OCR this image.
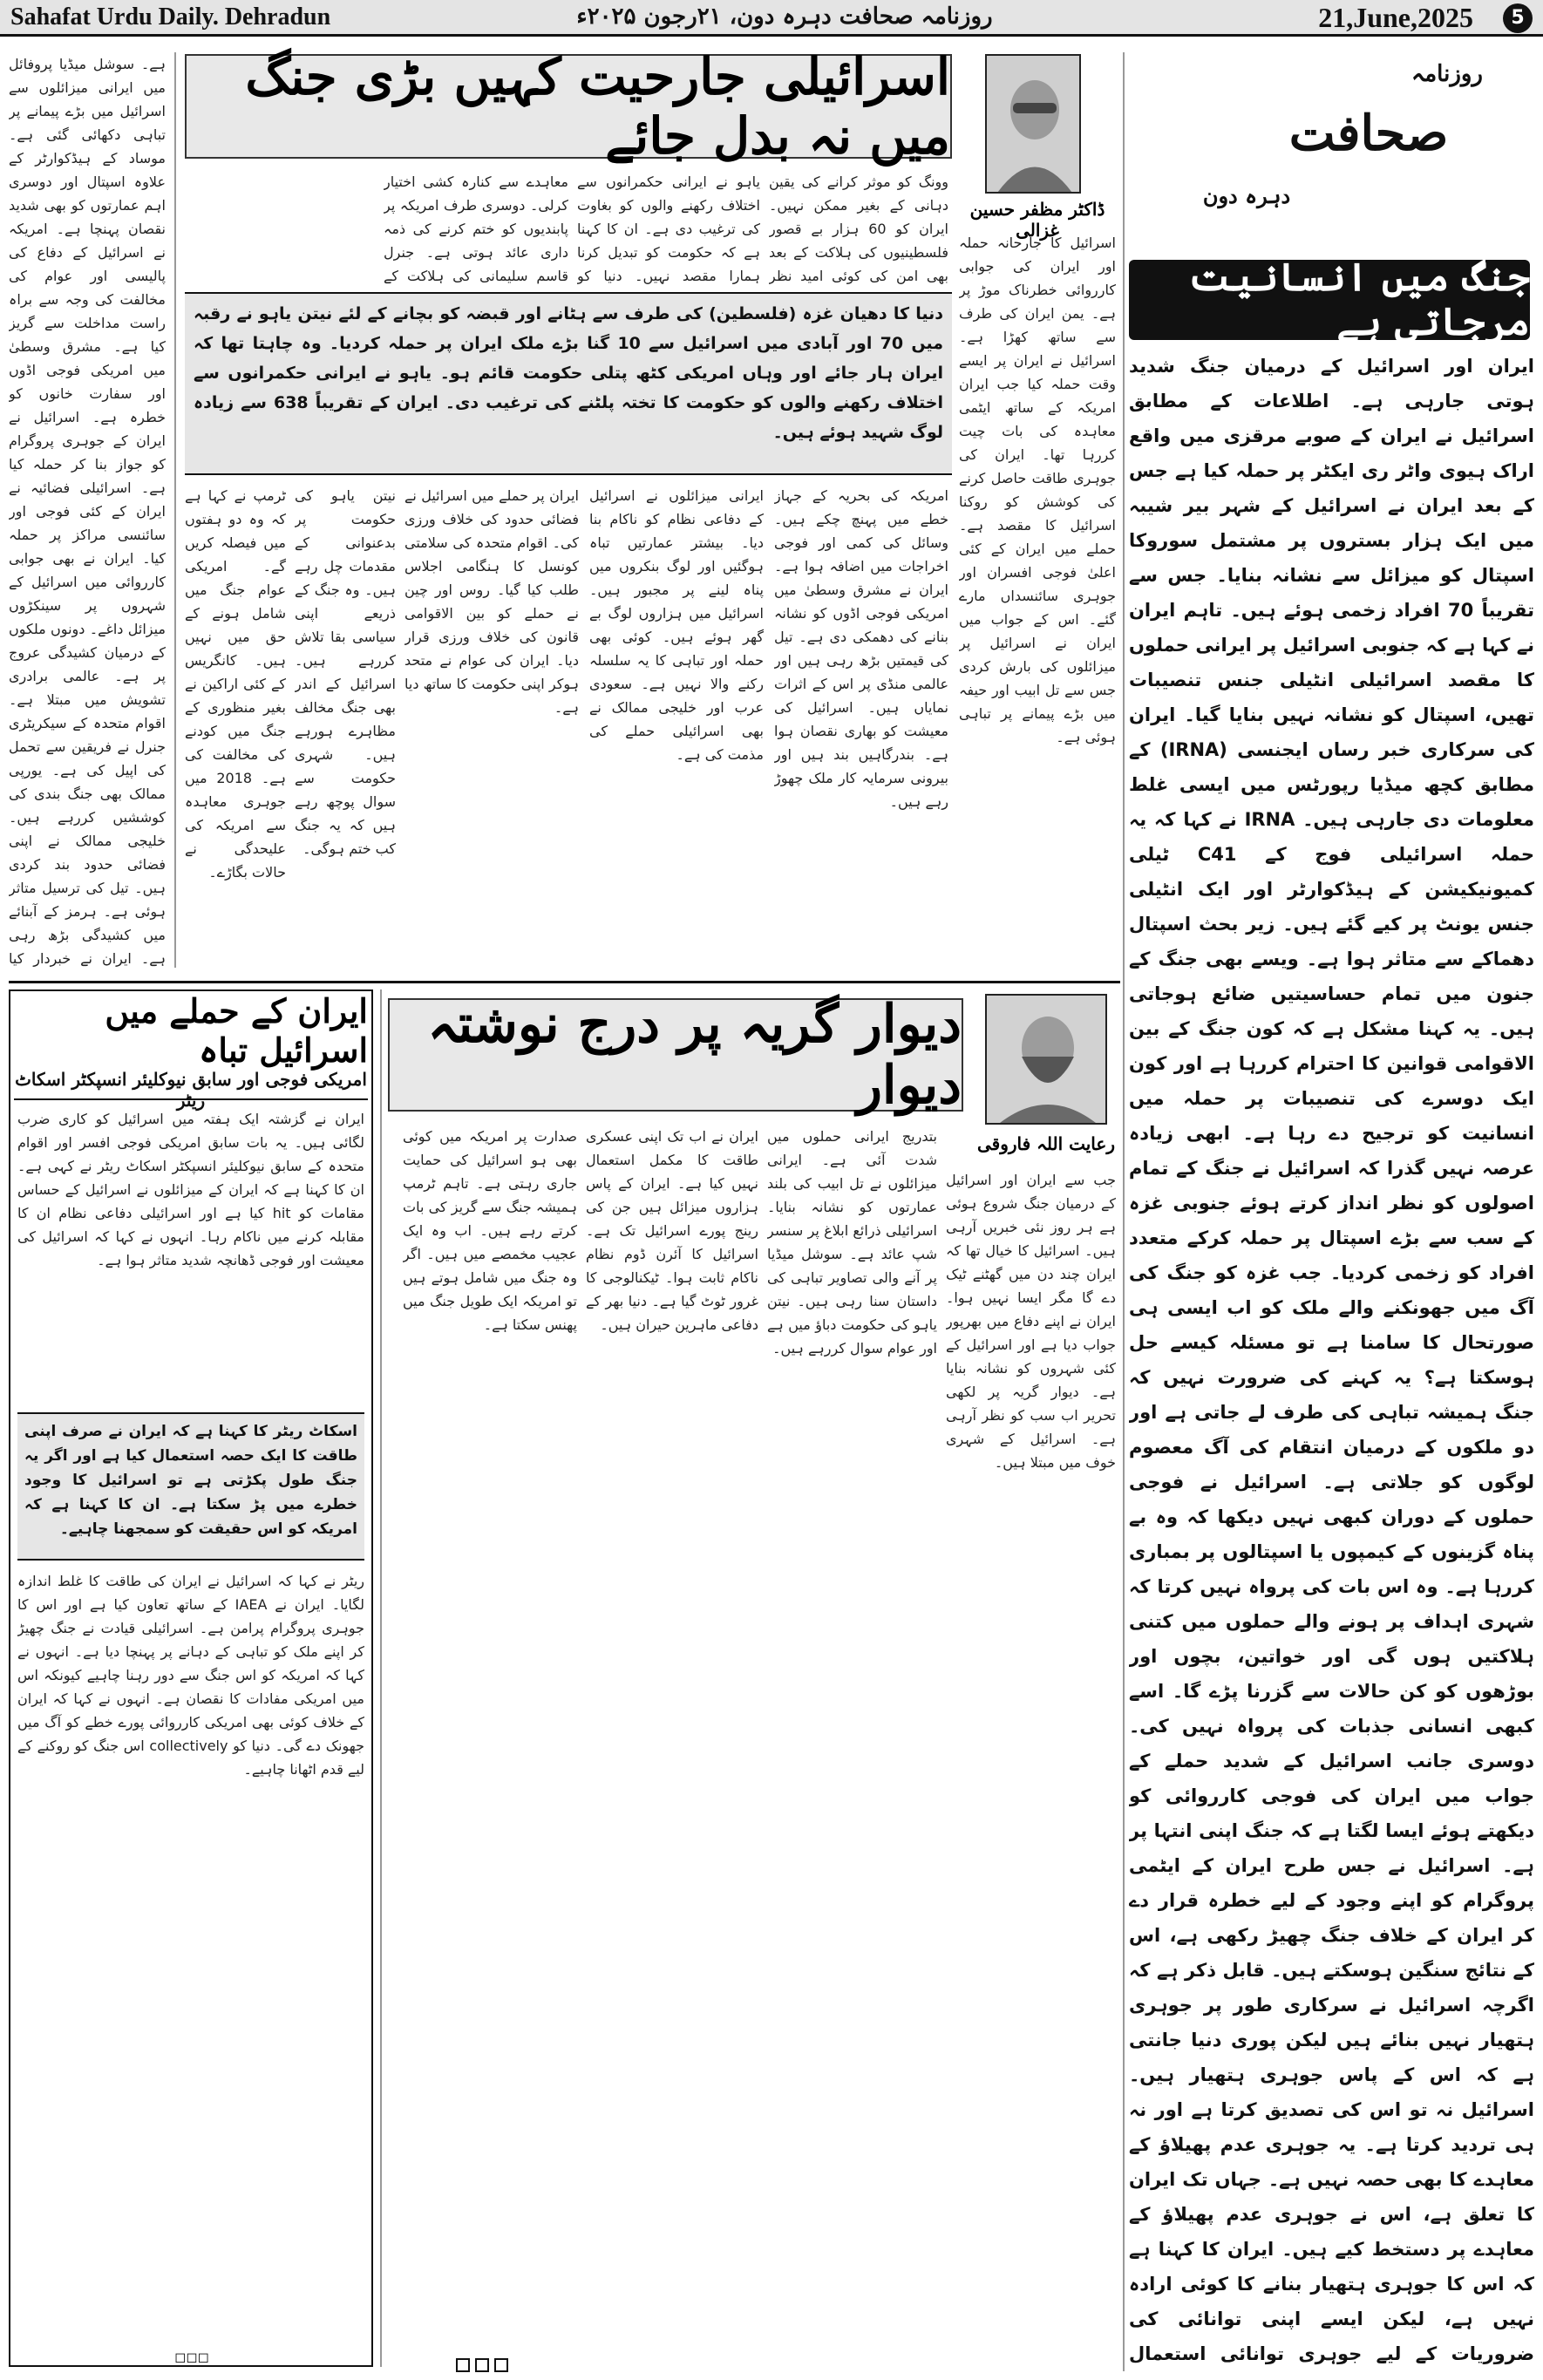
Sahafat Urdu Daily. Dehradun	روزنامہ صحافت دہرہ دون، ۲۱رجون ۲۰۲۵ء	21,June,2025	5
ہے۔ سوشل میڈیا پروفائل میں ایرانی میزائلوں سے اسرائیل میں بڑے پیمانے پر تباہی دکھائی گئی ہے۔ موساد کے ہیڈکوارٹر کے علاوہ اسپتال اور دوسری اہم عمارتوں کو بھی شدید نقصان پہنچا ہے۔ امریکہ نے اسرائیل کے دفاع کی پالیسی اور عوام کی مخالفت کی وجہ سے براہ راست مداخلت سے گریز کیا ہے۔ مشرق وسطیٰ میں امریکی فوجی اڈوں اور سفارت خانوں کو خطرہ ہے۔ اسرائیل نے ایران کے جوہری پروگرام کو جواز بنا کر حملہ کیا ہے۔ اسرائیلی فضائیہ نے ایران کے کئی فوجی اور سائنسی مراکز پر حملہ کیا۔ ایران نے بھی جوابی کارروائی میں اسرائیل کے شہروں پر سینکڑوں میزائل داغے۔ دونوں ملکوں کے درمیان کشیدگی عروج پر ہے۔ عالمی برادری تشویش میں مبتلا ہے۔ اقوام متحدہ کے سیکریٹری جنرل نے فریقین سے تحمل کی اپیل کی ہے۔ یورپی ممالک بھی جنگ بندی کی کوششیں کررہے ہیں۔ خلیجی ممالک نے اپنی فضائی حدود بند کردی ہیں۔ تیل کی ترسیل متاثر ہوئی ہے۔ ہرمز کے آبنائے میں کشیدگی بڑھ رہی ہے۔ ایران نے خبردار کیا
اسرائیلی جارحیت کہیں بڑی جنگ میں نہ بدل جائے
ڈاکٹر مظفر حسین غزالی
اسرائیل کا جارحانہ حملہ اور ایران کی جوابی کارروائی خطرناک موڑ پر ہے۔ یمن ایران کی طرف سے ساتھ کھڑا ہے۔ اسرائیل نے ایران پر ایسے وقت حملہ کیا جب ایران امریکہ کے ساتھ ایٹمی معاہدہ کی بات چیت کررہا تھا۔ ایران کی جوہری طاقت حاصل کرنے کی کوشش کو روکنا اسرائیل کا مقصد ہے۔ حملے میں ایران کے کئی اعلیٰ فوجی افسران اور جوہری سائنسداں مارے گئے۔ اس کے جواب میں ایران نے اسرائیل پر میزائلوں کی بارش کردی جس سے تل ابیب اور حیفہ میں بڑے پیمانے پر تباہی ہوئی ہے۔
وونگ کو موثر کرانے کی یقین دہانی کے بغیر ممکن نہیں۔ ایران کو 60 ہزار بے قصور فلسطینیوں کی ہلاکت کے بعد بھی امن کی کوئی امید نظر
یاہو نے ایرانی حکمرانوں سے اختلاف رکھنے والوں کو بغاوت کی ترغیب دی ہے۔ ان کا کہنا ہے کہ حکومت کو تبدیل کرنا ہمارا مقصد نہیں۔ دنیا کو
معاہدے سے کنارہ کشی اختیار کرلی۔ دوسری طرف امریکہ پر پابندیوں کو ختم کرنے کی ذمہ داری عائد ہوتی ہے۔ جنرل قاسم سلیمانی کی ہلاکت کے
دنیا کا دھیان غزہ (فلسطین) کی طرف سے ہٹانے اور قبضہ کو بچانے کے لئے نیتن یاہو نے رقبہ میں 70 اور آبادی میں اسرائیل سے 10 گنا بڑے ملک ایران پر حملہ کردیا۔ وہ چاہتا تھا کہ ایران ہار جائے اور وہاں امریکی کٹھ پتلی حکومت قائم ہو۔ یاہو نے ایرانی حکمرانوں سے اختلاف رکھنے والوں کو حکومت کا تختہ پلٹنے کی ترغیب دی۔ ایران کے تقریباً 638 سے زیادہ لوگ شہید ہوئے ہیں۔
امریکہ کی بحریہ کے جہاز خطے میں پہنچ چکے ہیں۔ وسائل کی کمی اور فوجی اخراجات میں اضافہ ہوا ہے۔ ایران نے مشرق وسطیٰ میں امریکی فوجی اڈوں کو نشانہ بنانے کی دھمکی دی ہے۔ تیل کی قیمتیں بڑھ رہی ہیں اور عالمی منڈی پر اس کے اثرات نمایاں ہیں۔ اسرائیل کی معیشت کو بھاری نقصان ہوا ہے۔ بندرگاہیں بند ہیں اور بیرونی سرمایہ کار ملک چھوڑ رہے ہیں۔
ایرانی میزائلوں نے اسرائیل کے دفاعی نظام کو ناکام بنا دیا۔ بیشتر عمارتیں تباہ ہوگئیں اور لوگ بنکروں میں پناہ لینے پر مجبور ہیں۔ اسرائیل میں ہزاروں لوگ بے گھر ہوئے ہیں۔ کوئی بھی حملہ اور تباہی کا یہ سلسلہ رکنے والا نہیں ہے۔ سعودی عرب اور خلیجی ممالک نے بھی اسرائیلی حملے کی مذمت کی ہے۔
ایران پر حملے میں اسرائیل نے فضائی حدود کی خلاف ورزی کی۔ اقوام متحدہ کی سلامتی کونسل کا ہنگامی اجلاس طلب کیا گیا۔ روس اور چین نے حملے کو بین الاقوامی قانون کی خلاف ورزی قرار دیا۔ ایران کی عوام نے متحد ہوکر اپنی حکومت کا ساتھ دیا ہے۔
نیتن یاہو کی حکومت پر بدعنوانی کے مقدمات چل رہے ہیں۔ وہ جنگ کے ذریعے اپنی سیاسی بقا تلاش کررہے ہیں۔ اسرائیل کے اندر بھی جنگ مخالف مظاہرے ہورہے ہیں۔ شہری حکومت سے سوال پوچھ رہے ہیں کہ یہ جنگ کب ختم ہوگی۔
ٹرمپ نے کہا ہے کہ وہ دو ہفتوں میں فیصلہ کریں گے۔ امریکی عوام جنگ میں شامل ہونے کے حق میں نہیں ہیں۔ کانگریس کے کئی اراکین نے بغیر منظوری کے جنگ میں کودنے کی مخالفت کی ہے۔ 2018 میں جوہری معاہدہ سے امریکہ کی علیحدگی نے حالات بگاڑے۔
روزنامہ
صحافت
دہرہ دون
جنگ میں انسانیت مرجاتی ہے
ایران اور اسرائیل کے درمیان جنگ شدید ہوتی جارہی ہے۔ اطلاعات کے مطابق اسرائیل نے ایران کے صوبے مرقزی میں واقع اراک ہیوی واٹر ری ایکٹر پر حملہ کیا ہے جس کے بعد ایران نے اسرائیل کے شہر بیر شیبہ میں ایک ہزار بستروں پر مشتمل سوروکا اسپتال کو میزائل سے نشانہ بنایا۔ جس سے تقریباً 70 افراد زخمی ہوئے ہیں۔ تاہم ایران نے کہا ہے کہ جنوبی اسرائیل پر ایرانی حملوں کا مقصد اسرائیلی انٹیلی جنس تنصیبات تھیں، اسپتال کو نشانہ نہیں بنایا گیا۔ ایران کی سرکاری خبر رساں ایجنسی (IRNA) کے مطابق کچھ میڈیا رپورٹس میں ایسی غلط معلومات دی جارہی ہیں۔ IRNA نے کہا کہ یہ حملہ اسرائیلی فوج کے C41 ٹیلی کمیونیکیشن کے ہیڈکوارٹر اور ایک انٹیلی جنس یونٹ پر کیے گئے ہیں۔ زیر بحث اسپتال دھماکے سے متاثر ہوا ہے۔ ویسے بھی جنگ کے جنون میں تمام حساسیتیں ضائع ہوجاتی ہیں۔ یہ کہنا مشکل ہے کہ کون جنگ کے بین الاقوامی قوانین کا احترام کررہا ہے اور کون ایک دوسرے کی تنصیبات پر حملہ میں انسانیت کو ترجیح دے رہا ہے۔ ابھی زیادہ عرصہ نہیں گذرا کہ اسرائیل نے جنگ کے تمام اصولوں کو نظر انداز کرتے ہوئے جنوبی غزہ کے سب سے بڑے اسپتال پر حملہ کرکے متعدد افراد کو زخمی کردیا۔ جب غزہ کو جنگ کی آگ میں جھونکنے والے ملک کو اب ایسی ہی صورتحال کا سامنا ہے تو مسئلہ کیسے حل ہوسکتا ہے؟ یہ کہنے کی ضرورت نہیں کہ جنگ ہمیشہ تباہی کی طرف لے جاتی ہے اور دو ملکوں کے درمیان انتقام کی آگ معصوم لوگوں کو جلاتی ہے۔ اسرائیل نے فوجی حملوں کے دوران کبھی نہیں دیکھا کہ وہ بے پناہ گزینوں کے کیمپوں یا اسپتالوں پر بمباری کررہا ہے۔ وہ اس بات کی پرواہ نہیں کرتا کہ شہری اہداف پر ہونے والے حملوں میں کتنی ہلاکتیں ہوں گی اور خواتین، بچوں اور بوڑھوں کو کن حالات سے گزرنا پڑے گا۔ اسے کبھی انسانی جذبات کی پرواہ نہیں کی۔ دوسری جانب اسرائیل کے شدید حملے کے جواب میں ایران کی فوجی کارروائی کو دیکھتے ہوئے ایسا لگتا ہے کہ جنگ اپنی انتہا پر ہے۔ اسرائیل نے جس طرح ایران کے ایٹمی پروگرام کو اپنے وجود کے لیے خطرہ قرار دے کر ایران کے خلاف جنگ چھیڑ رکھی ہے، اس کے نتائج سنگین ہوسکتے ہیں۔ قابل ذکر ہے کہ اگرچہ اسرائیل نے سرکاری طور پر جوہری ہتھیار نہیں بنائے ہیں لیکن پوری دنیا جانتی ہے کہ اس کے پاس جوہری ہتھیار ہیں۔ اسرائیل نہ تو اس کی تصدیق کرتا ہے اور نہ ہی تردید کرتا ہے۔ یہ جوہری عدم پھیلاؤ کے معاہدے کا بھی حصہ نہیں ہے۔ جہاں تک ایران کا تعلق ہے، اس نے جوہری عدم پھیلاؤ کے معاہدے پر دستخط کیے ہیں۔ ایران کا کہنا ہے کہ اس کا جوہری ہتھیار بنانے کا کوئی ارادہ نہیں ہے، لیکن ایسے اپنی توانائی کی ضروریات کے لیے جوہری توانائی استعمال
دیوار گریہ پر درج نوشتہ دیوار
رعایت اللہ فاروقی
جب سے ایران اور اسرائیل کے درمیان جنگ شروع ہوئی ہے ہر روز نئی خبریں آرہی ہیں۔ اسرائیل کا خیال تھا کہ ایران چند دن میں گھٹنے ٹیک دے گا مگر ایسا نہیں ہوا۔ ایران نے اپنے دفاع میں بھرپور جواب دیا ہے اور اسرائیل کے کئی شہروں کو نشانہ بنایا ہے۔ دیوار گریہ پر لکھی تحریر اب سب کو نظر آرہی ہے۔ اسرائیل کے شہری خوف میں مبتلا ہیں۔
بتدریج ایرانی حملوں میں شدت آئی ہے۔ ایرانی میزائلوں نے تل ابیب کی بلند عمارتوں کو نشانہ بنایا۔ اسرائیلی ذرائع ابلاغ پر سنسر شپ عائد ہے۔ سوشل میڈیا پر آنے والی تصاویر تباہی کی داستان سنا رہی ہیں۔ نیتن یاہو کی حکومت دباؤ میں ہے اور عوام سوال کررہے ہیں۔
ایران نے اب تک اپنی عسکری طاقت کا مکمل استعمال نہیں کیا ہے۔ ایران کے پاس ہزاروں میزائل ہیں جن کی رینج پورے اسرائیل تک ہے۔ اسرائیل کا آئرن ڈوم نظام ناکام ثابت ہوا۔ ٹیکنالوجی کا غرور ٹوٹ گیا ہے۔ دنیا بھر کے دفاعی ماہرین حیران ہیں۔
صدارت پر امریکہ میں کوئی بھی ہو اسرائیل کی حمایت جاری رہتی ہے۔ تاہم ٹرمپ ہمیشہ جنگ سے گریز کی بات کرتے رہے ہیں۔ اب وہ ایک عجیب مخمصے میں ہیں۔ اگر وہ جنگ میں شامل ہوتے ہیں تو امریکہ ایک طویل جنگ میں پھنس سکتا ہے۔
ایران کے حملے میں اسرائیل تباہ
امریکی فوجی اور سابق نیوکلیئر انسپکٹر اسکاٹ ریٹر
ایران نے گزشتہ ایک ہفتہ میں اسرائیل کو کاری ضرب لگائی ہیں۔ یہ بات سابق امریکی فوجی افسر اور اقوام متحدہ کے سابق نیوکلیئر انسپکٹر اسکاٹ ریٹر نے کہی ہے۔ ان کا کہنا ہے کہ ایران کے میزائلوں نے اسرائیل کے حساس مقامات کو hit کیا ہے اور اسرائیلی دفاعی نظام ان کا مقابلہ کرنے میں ناکام رہا۔ انہوں نے کہا کہ اسرائیل کی معیشت اور فوجی ڈھانچہ شدید متاثر ہوا ہے۔
اسکاٹ ریٹر کا کہنا ہے کہ ایران نے صرف اپنی طاقت کا ایک حصہ استعمال کیا ہے اور اگر یہ جنگ طول پکڑتی ہے تو اسرائیل کا وجود خطرے میں پڑ سکتا ہے۔ ان کا کہنا ہے کہ امریکہ کو اس حقیقت کو سمجھنا چاہیے۔
ریٹر نے کہا کہ اسرائیل نے ایران کی طاقت کا غلط اندازہ لگایا۔ ایران نے IAEA کے ساتھ تعاون کیا ہے اور اس کا جوہری پروگرام پرامن ہے۔ اسرائیلی قیادت نے جنگ چھیڑ کر اپنے ملک کو تباہی کے دہانے پر پہنچا دیا ہے۔ انہوں نے کہا کہ امریکہ کو اس جنگ سے دور رہنا چاہیے کیونکہ اس میں امریکی مفادات کا نقصان ہے۔ انہوں نے کہا کہ ایران کے خلاف کوئی بھی امریکی کارروائی پورے خطے کو آگ میں جھونک دے گی۔ دنیا کو collectively اس جنگ کو روکنے کے لیے قدم اٹھانا چاہیے۔
◻◻◻
